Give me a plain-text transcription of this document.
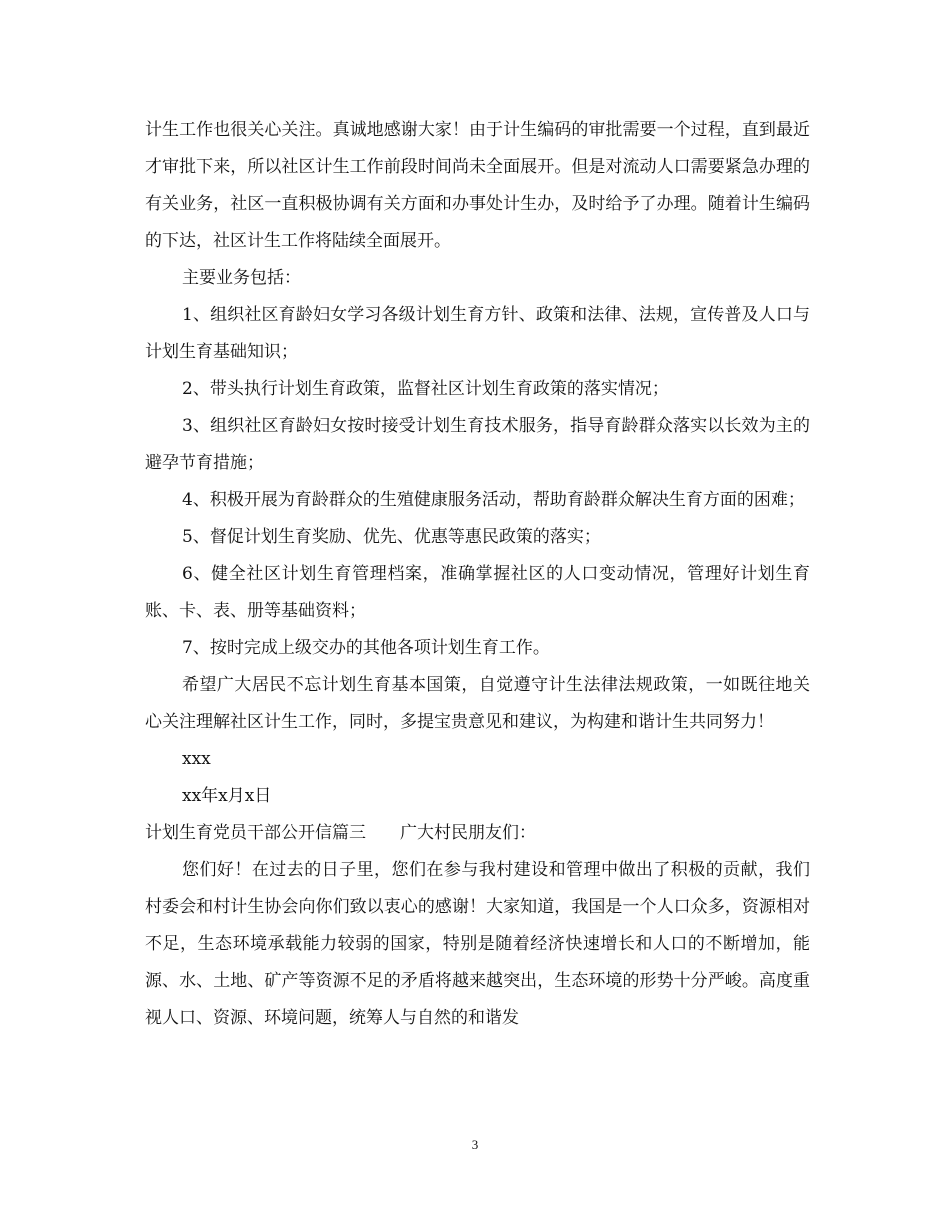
计生工作也很关心关注。真诚地感谢大家！由于计生编码的审批需要一个过程，直到最近才审批下来，所以社区计生工作前段时间尚未全面展开。但是对流动人口需要紧急办理的有关业务，社区一直积极协调有关方面和办事处计生办，及时给予了办理。随着计生编码的下达，社区计生工作将陆续全面展开。

主要业务包括：

1、组织社区育龄妇女学习各级计划生育方针、政策和法律、法规，宣传普及人口与计划生育基础知识；

2、带头执行计划生育政策，监督社区计划生育政策的落实情况；

3、组织社区育龄妇女按时接受计划生育技术服务，指导育龄群众落实以长效为主的避孕节育措施；

4、积极开展为育龄群众的生殖健康服务活动，帮助育龄群众解决生育方面的困难；

5、督促计划生育奖励、优先、优惠等惠民政策的落实；

6、健全社区计划生育管理档案，准确掌握社区的人口变动情况，管理好计划生育账、卡、表、册等基础资料；

7、按时完成上级交办的其他各项计划生育工作。

希望广大居民不忘计划生育基本国策，自觉遵守计生法律法规政策，一如既往地关心关注理解社区计生工作，同时，多提宝贵意见和建议，为构建和谐计生共同努力！

xxx

xx年x月x日

计划生育党员干部公开信篇三　　广大村民朋友们：

您们好！在过去的日子里，您们在参与我村建设和管理中做出了积极的贡献，我们村委会和村计生协会向你们致以衷心的感谢！大家知道，我国是一个人口众多，资源相对不足，生态环境承载能力较弱的国家，特别是随着经济快速增长和人口的不断增加，能源、水、土地、矿产等资源不足的矛盾将越来越突出，生态环境的形势十分严峻。高度重视人口、资源、环境问题，统筹人与自然的和谐发

3
